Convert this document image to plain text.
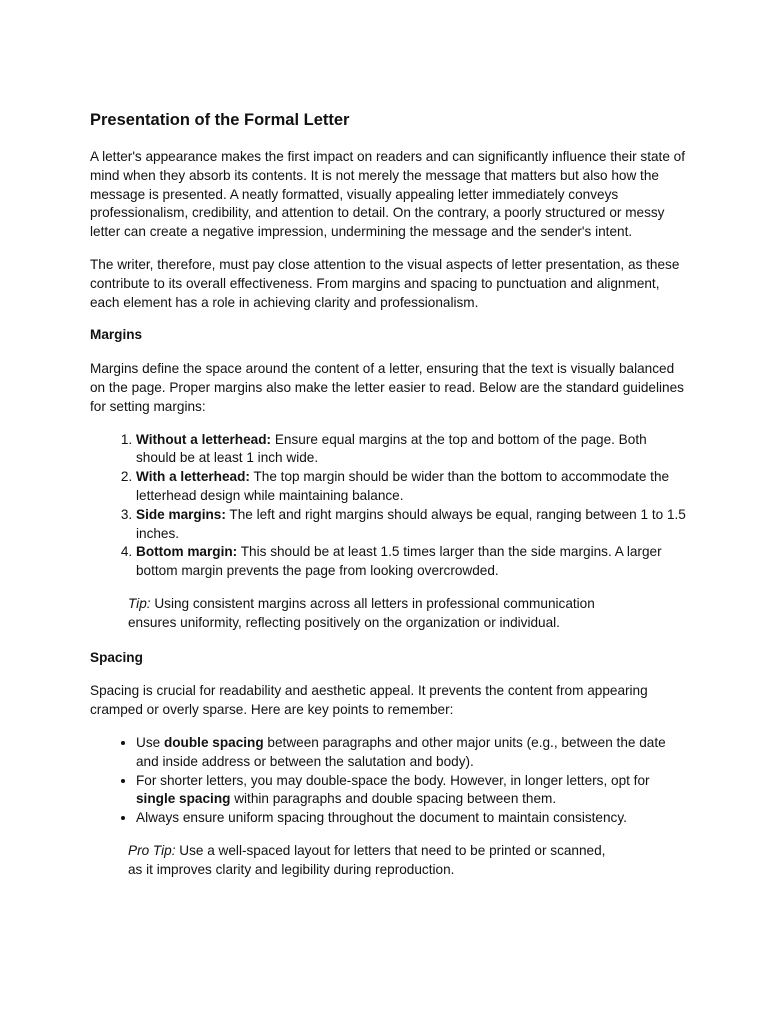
Presentation of the Formal Letter

A letter's appearance makes the first impact on readers and can significantly influence their state of mind when they absorb its contents. It is not merely the message that matters but also how the message is presented. A neatly formatted, visually appealing letter immediately conveys professionalism, credibility, and attention to detail. On the contrary, a poorly structured or messy letter can create a negative impression, undermining the message and the sender's intent.

The writer, therefore, must pay close attention to the visual aspects of letter presentation, as these contribute to its overall effectiveness. From margins and spacing to punctuation and alignment, each element has a role in achieving clarity and professionalism.

Margins

Margins define the space around the content of a letter, ensuring that the text is visually balanced on the page. Proper margins also make the letter easier to read. Below are the standard guidelines for setting margins:

1. Without a letterhead: Ensure equal margins at the top and bottom of the page. Both should be at least 1 inch wide.
2. With a letterhead: The top margin should be wider than the bottom to accommodate the letterhead design while maintaining balance.
3. Side margins: The left and right margins should always be equal, ranging between 1 to 1.5 inches.
4. Bottom margin: This should be at least 1.5 times larger than the side margins. A larger bottom margin prevents the page from looking overcrowded.
Tip: Using consistent margins across all letters in professional communication ensures uniformity, reflecting positively on the organization or individual.
Spacing

Spacing is crucial for readability and aesthetic appeal. It prevents the content from appearing cramped or overly sparse. Here are key points to remember:

• Use double spacing between paragraphs and other major units (e.g., between the date and inside address or between the salutation and body).
• For shorter letters, you may double-space the body. However, in longer letters, opt for single spacing within paragraphs and double spacing between them.
• Always ensure uniform spacing throughout the document to maintain consistency.
Pro Tip: Use a well-spaced layout for letters that need to be printed or scanned, as it improves clarity and legibility during reproduction.
